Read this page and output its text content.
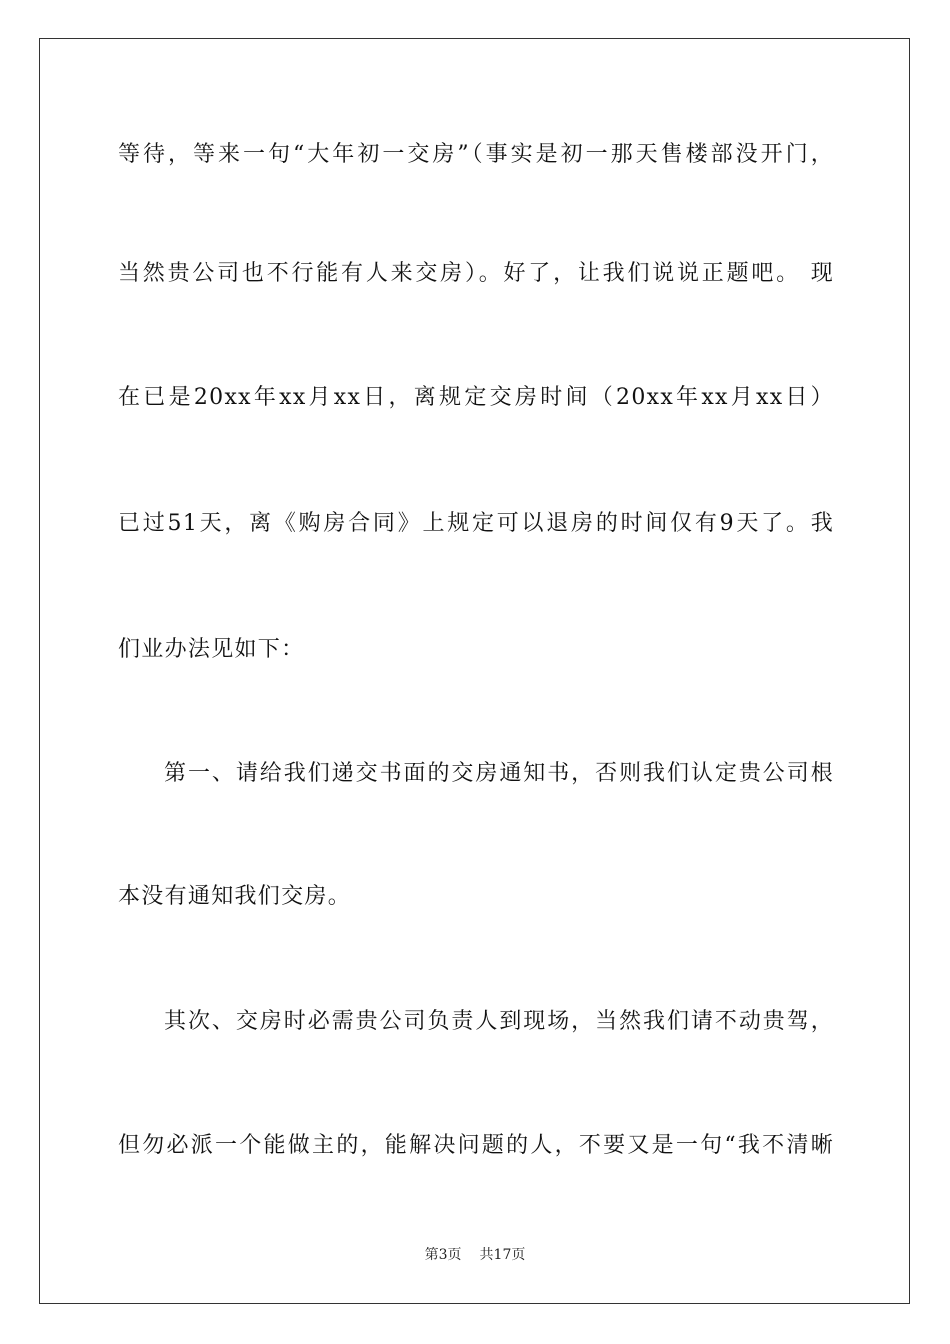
等待，等来一句“大年初一交房”（事实是初一那天售楼部没开门，
当然贵公司也不行能有人来交房）。好了，让我们说说正题吧。 现
在已是20xx年xx月xx日，离规定交房时间（20xx年xx月xx日）
已过51天，离《购房合同》上规定可以退房的时间仅有9天了。我
们业办法见如下：
第一、请给我们递交书面的交房通知书，否则我们认定贵公司根
本没有通知我们交房。
其次、交房时必需贵公司负责人到现场，当然我们请不动贵驾，
但勿必派一个能做主的，能解决问题的人，不要又是一句“我不清晰
第3页 共17页
